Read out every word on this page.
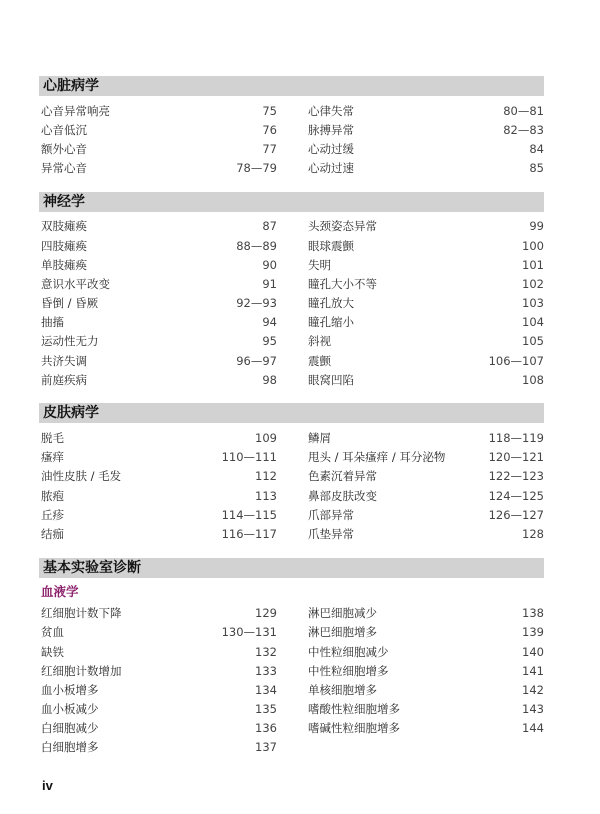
心脏病学
心音异常响亮	75
心音低沉	76
额外心音	77
异常心音	78—79
心律失常	80—81
脉搏异常	82—83
心动过缓	84
心动过速	85
神经学
双肢瘫痪	87
四肢瘫痪	88—89
单肢瘫痪	90
意识水平改变	91
昏倒 / 昏厥	92—93
抽搐	94
运动性无力	95
共济失调	96—97
前庭疾病	98
头颈姿态异常	99
眼球震颤	100
失明	101
瞳孔大小不等	102
瞳孔放大	103
瞳孔缩小	104
斜视	105
震颤	106—107
眼窝凹陷	108
皮肤病学
脱毛	109
瘙痒	110—111
油性皮肤 / 毛发	112
脓疱	113
丘疹	114—115
结痂	116—117
鳞屑	118—119
甩头 / 耳朵瘙痒 / 耳分泌物	120—121
色素沉着异常	122—123
鼻部皮肤改变	124—125
爪部异常	126—127
爪垫异常	128
基本实验室诊断
血液学
红细胞计数下降	129
贫血	130—131
缺铁	132
红细胞计数增加	133
血小板增多	134
血小板减少	135
白细胞减少	136
白细胞增多	137
淋巴细胞减少	138
淋巴细胞增多	139
中性粒细胞减少	140
中性粒细胞增多	141
单核细胞增多	142
嗜酸性粒细胞增多	143
嗜碱性粒细胞增多	144
iv
